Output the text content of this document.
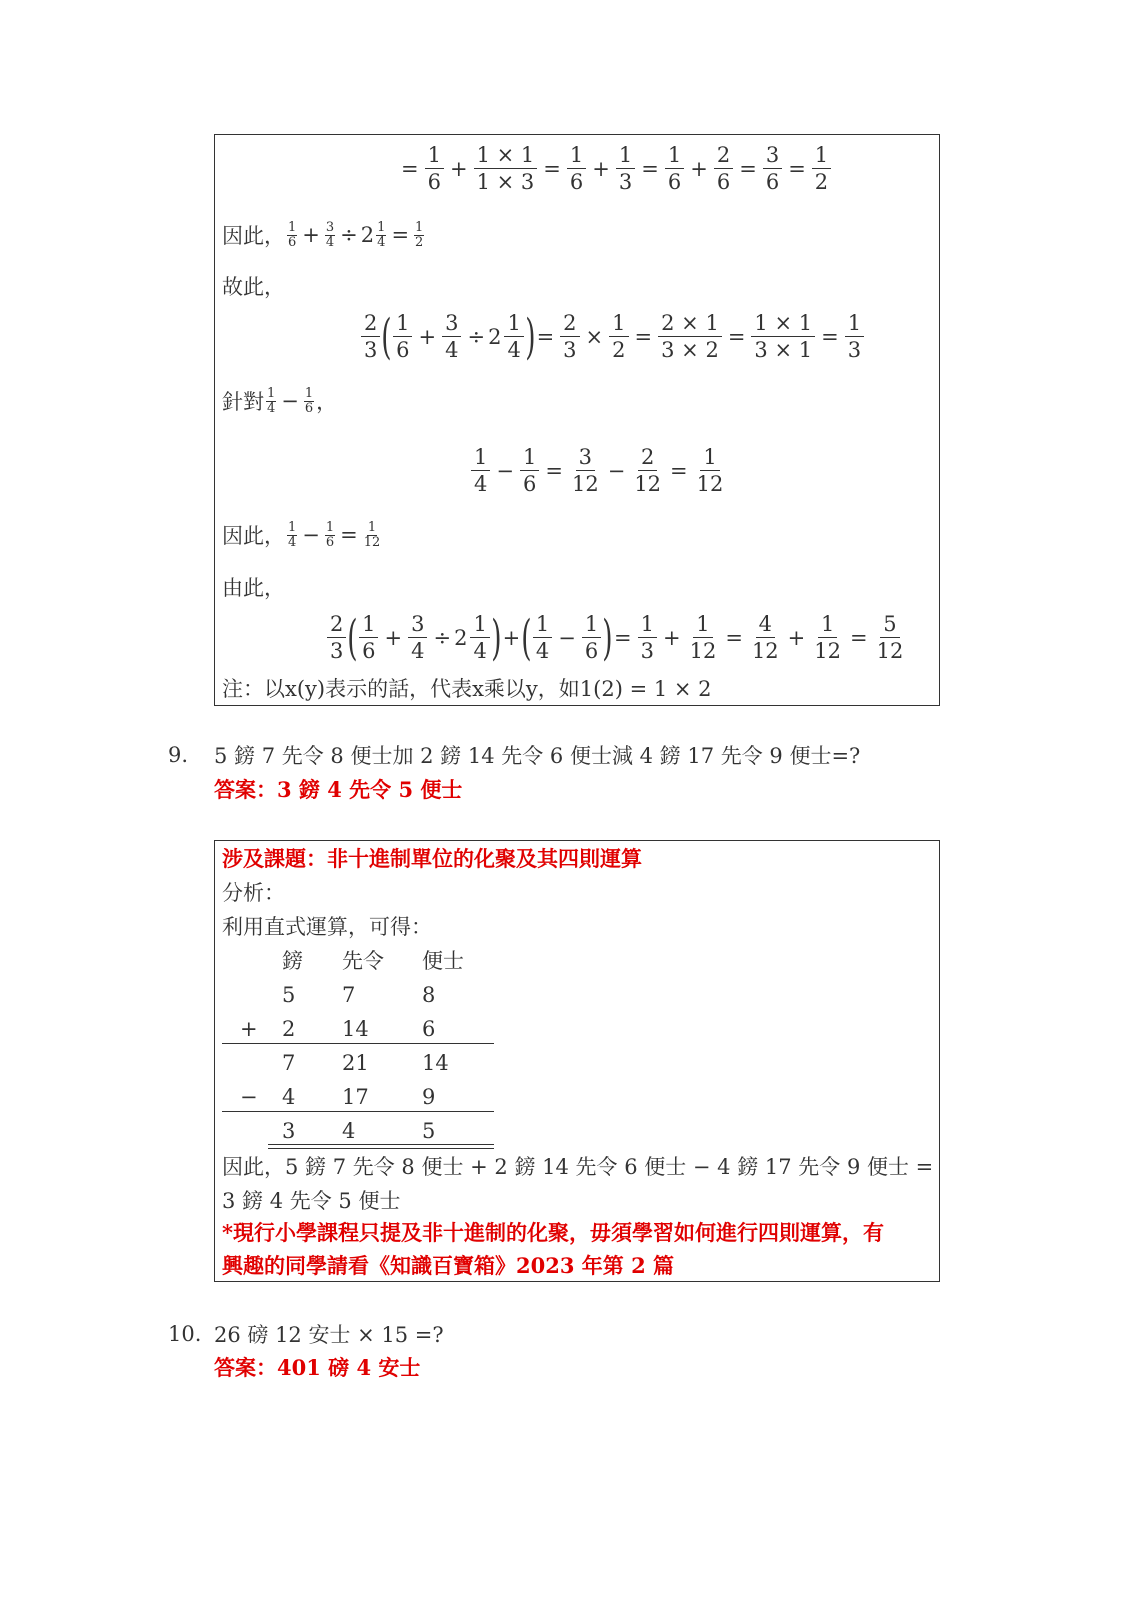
= $\frac{1}{6} + \frac{1 \times 1}{1 \times 3} = \frac{1}{6} + \frac{1}{3} = \frac{1}{6} + \frac{2}{6} = \frac{3}{6} = \frac{1}{2}$
因此， $\frac{1}{6} + \frac{3}{4} \div 2 \frac{1}{4} = \frac{1}{2}$
故此，
$\frac{2}{3}$ ( $\frac{1}{6} + \frac{3}{4} \div 2 \frac{1}{4}$ ) = $\frac{2}{3} \times \frac{1}{2} = \frac{2 \times 1}{3 \times 2} = \frac{1 \times 1}{3 \times 1} = \frac{1}{3}$
針對 $\frac{1}{4} - \frac{1}{6}$ ，
$\frac{1}{4} - \frac{1}{6} = \frac{3}{12} - \frac{2}{12} = \frac{1}{12}$
因此， $\frac{1}{4} - \frac{1}{6} = \frac{1}{12}$
由此，
$\frac{2}{3}$ ( $\frac{1}{6} + \frac{3}{4} \div 2 \frac{1}{4}$ ) + ( $\frac{1}{4} - \frac{1}{6}$ ) = $\frac{1}{3} + \frac{1}{12} = \frac{4}{12} + \frac{1}{12} = \frac{5}{12}$
注：以x(y)表示的話，代表x乘以y，如1(2) = 1 × 2
9. 5 鎊 7 先令 8 便士加 2 鎊 14 先令 6 便士減 4 鎊 17 先令 9 便士=?
答案：3 鎊 4 先令 5 便士
涉及課題：非十進制單位的化聚及其四則運算
分析：
利用直式運算，可得：
鎊	先令	便士
5	7	8
+	2	14	6
7	21	14
−	4	17	9
3	4	5
因此，5 鎊 7 先令 8 便士 + 2 鎊 14 先令 6 便士 − 4 鎊 17 先令 9 便士 =
3 鎊 4 先令 5 便士
*現行小學課程只提及非十進制的化聚，毋須學習如何進行四則運算，有
興趣的同學請看《知識百寶箱》2023 年第 2 篇
10. 26 磅 12 安士 × 15 =?
答案：401 磅 4 安士
